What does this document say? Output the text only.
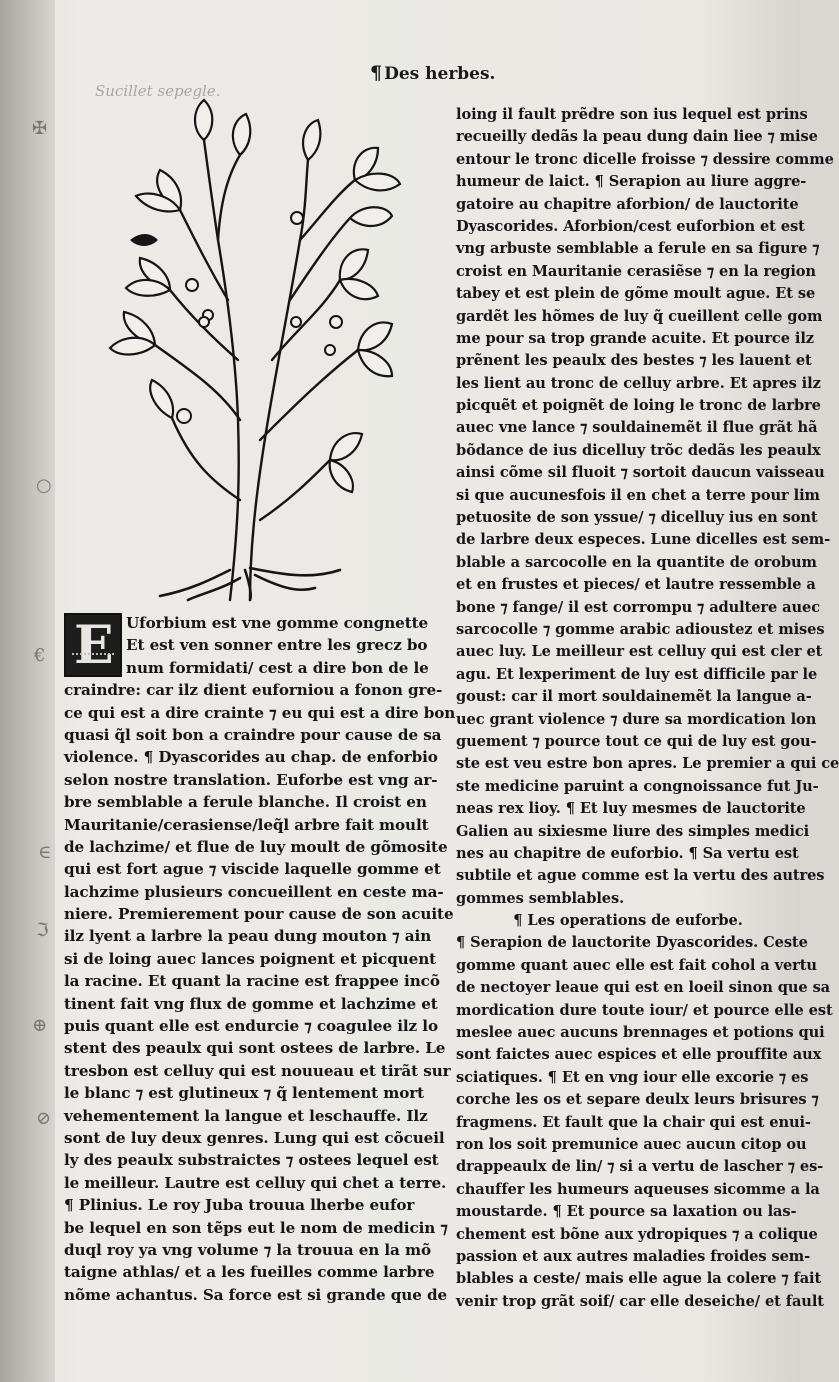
Sucillet sepegle.
✠
○
€
∈
ℑ
⊕
⊘
¶ Des herbes.
E Uforbium est vne gomme congnette
Et est ven sonner entre les grecz bo
num formidati/ cest a dire bon de le
craindre: car ilz dient euforniou a fonon gre-
ce qui est a dire crainte ⁊ eu qui est a dire bon
quasi q̃l soit bon a craindre pour cause de sa
violence. ¶ Dyascorides au chap. de enforbio
selon nostre translation. Euforbe est vng ar-
bre semblable a ferule blanche. Il croist en
Mauritanie/cerasiense/leq̃l arbre fait moult
de lachzime/ et flue de luy moult de gõmosite
qui est fort ague ⁊ viscide laquelle gomme et
lachzime plusieurs concueillent en ceste ma-
niere. Premierement pour cause de son acuite
ilz lyent a larbre la peau dung mouton ⁊ ain
si de loing auec lances poignent et picquent
la racine. Et quant la racine est frappee incõ
tinent fait vng flux de gomme et lachzime et
puis quant elle est endurcie ⁊ coagulee ilz lo
stent des peaulx qui sont ostees de larbre. Le
tresbon est celluy qui est nouueau et tirãt sur
le blanc ⁊ est glutineux ⁊ q̃ lentement mort
vehementement la langue et leschauffe. Ilz
sont de luy deux genres. Lung qui est cõcueil
ly des peaulx substraictes ⁊ ostees lequel est
le meilleur. Lautre est celluy qui chet a terre.
¶ Plinius. Le roy Juba trouua lherbe eufor
be lequel en son tẽps eut le nom de medicin ⁊
duql roy ya vng volume ⁊ la trouua en la mõ
taigne athlas/ et a les fueilles comme larbre
nõme achantus. Sa force est si grande que de
loing il fault prẽdre son ius lequel est prins
recueilly dedãs la peau dung dain liee ⁊ mise
entour le tronc dicelle froisse ⁊ dessire comme
humeur de laict. ¶ Serapion au liure aggre-
gatoire au chapitre aforbion/ de lauctorite
Dyascorides. Aforbion/cest euforbion et est
vng arbuste semblable a ferule en sa figure ⁊
croist en Mauritanie cerasiẽse ⁊ en la region
tabey et est plein de gõme moult ague. Et se
gardẽt les hõmes de luy q̃ cueillent celle gom
me pour sa trop grande acuite. Et pource ilz
prẽnent les peaulx des bestes ⁊ les lauent et
les lient au tronc de celluy arbre. Et apres ilz
picquẽt et poignẽt de loing le tronc de larbre
auec vne lance ⁊ souldainemẽt il flue grãt hã
bõdance de ius dicelluy trõc dedãs les peaulx
ainsi cõme sil fluoit ⁊ sortoit daucun vaisseau
si que aucunesfois il en chet a terre pour lim
petuosite de son yssue/ ⁊ dicelluy ius en sont
de larbre deux especes. Lune dicelles est sem-
blable a sarcocolle en la quantite de orobum
et en frustes et pieces/ et lautre ressemble a
bone ⁊ fange/ il est corrompu ⁊ adultere auec
sarcocolle ⁊ gomme arabic adioustez et mises
auec luy. Le meilleur est celluy qui est cler et
agu. Et lexperiment de luy est difficile par le
goust: car il mort souldainemẽt la langue a-
uec grant violence ⁊ dure sa mordication lon
guement ⁊ pource tout ce qui de luy est gou-
ste est veu estre bon apres. Le premier a qui ce
ste medicine paruint a congnoissance fut Ju-
neas rex lioy. ¶ Et luy mesmes de lauctorite
Galien au sixiesme liure des simples medici
nes au chapitre de euforbio. ¶ Sa vertu est
subtile et ague comme est la vertu des autres
gommes semblables.
¶ Les operations de euforbe.
¶ Serapion de lauctorite Dyascorides. Ceste
gomme quant auec elle est fait cohol a vertu
de nectoyer leaue qui est en loeil sinon que sa
mordication dure toute iour/ et pource elle est
meslee auec aucuns brennages et potions qui
sont faictes auec espices et elle prouffite aux
sciatiques. ¶ Et en vng iour elle excorie ⁊ es
corche les os et separe deulx leurs brisures ⁊
fragmens. Et fault que la chair qui est enui-
ron los soit premunice auec aucun citop ou
drappeaulx de lin/ ⁊ si a vertu de lascher ⁊ es-
chauffer les humeurs aqueuses sicomme a la
moustarde. ¶ Et pource sa laxation ou las-
chement est bõne aux ydropiques ⁊ a colique
passion et aux autres maladies froides sem-
blables a ceste/ mais elle ague la colere ⁊ fait
venir trop grãt soif/ car elle deseiche/ et fault
